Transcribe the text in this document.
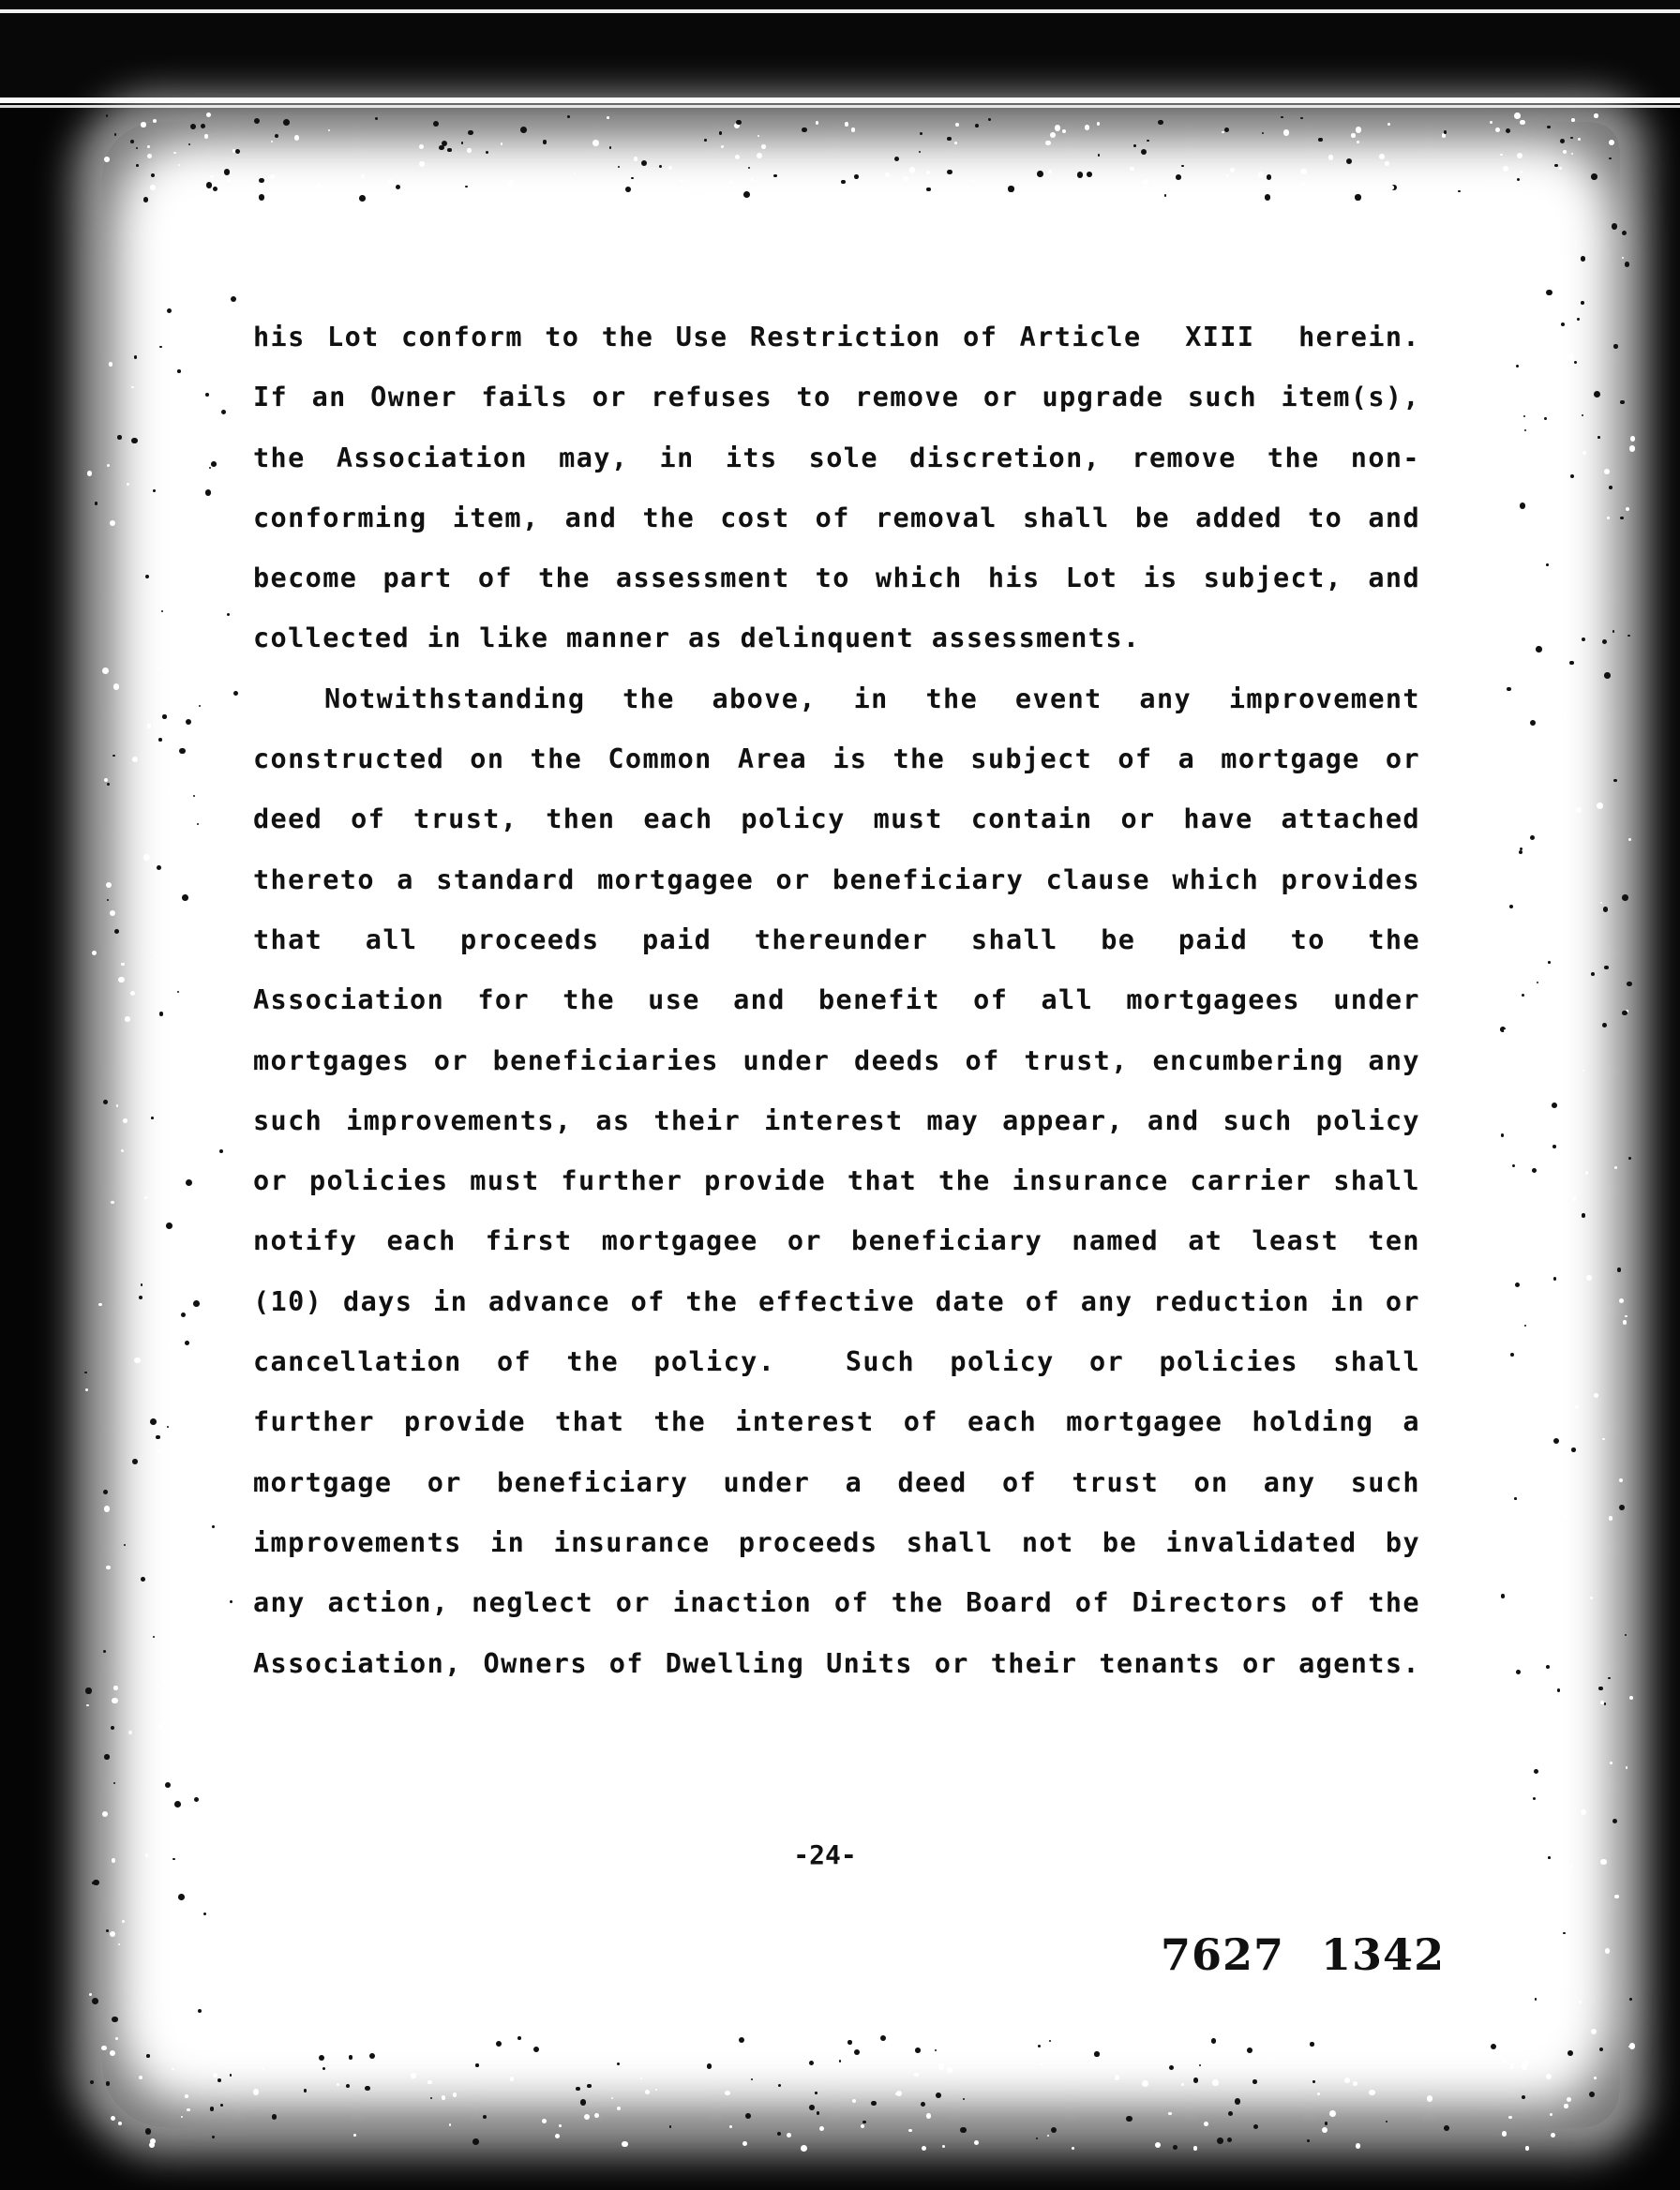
his Lot conform to the Use Restriction of Article  XIII  herein.
If an Owner fails or refuses to remove or upgrade such item(s),
the Association may, in its sole discretion, remove the non-
conforming item, and the cost of removal shall be added to and
become part of the assessment to which his Lot is subject, and
collected in like manner as delinquent assessments.
Notwithstanding the above, in the event any improvement
constructed on the Common Area is the subject of a mortgage or
deed of trust, then each policy must contain or have attached
thereto a standard mortgagee or beneficiary clause which provides
that all proceeds paid thereunder shall be paid to the
Association for the use and benefit of all mortgagees under
mortgages or beneficiaries under deeds of trust, encumbering any
such improvements, as their interest may appear, and such policy
or policies must further provide that the insurance carrier shall
notify each first mortgagee or beneficiary named at least ten
(10) days in advance of the effective date of any reduction in or
cancellation of the policy.  Such policy or policies shall
further provide that the interest of each mortgagee holding a
mortgage or beneficiary under a deed of trust on any such
improvements in insurance proceeds shall not be invalidated by
any action, neglect or inaction of the Board of Directors of the
Association, Owners of Dwelling Units or their tenants or agents.
-24-
7627 1342
